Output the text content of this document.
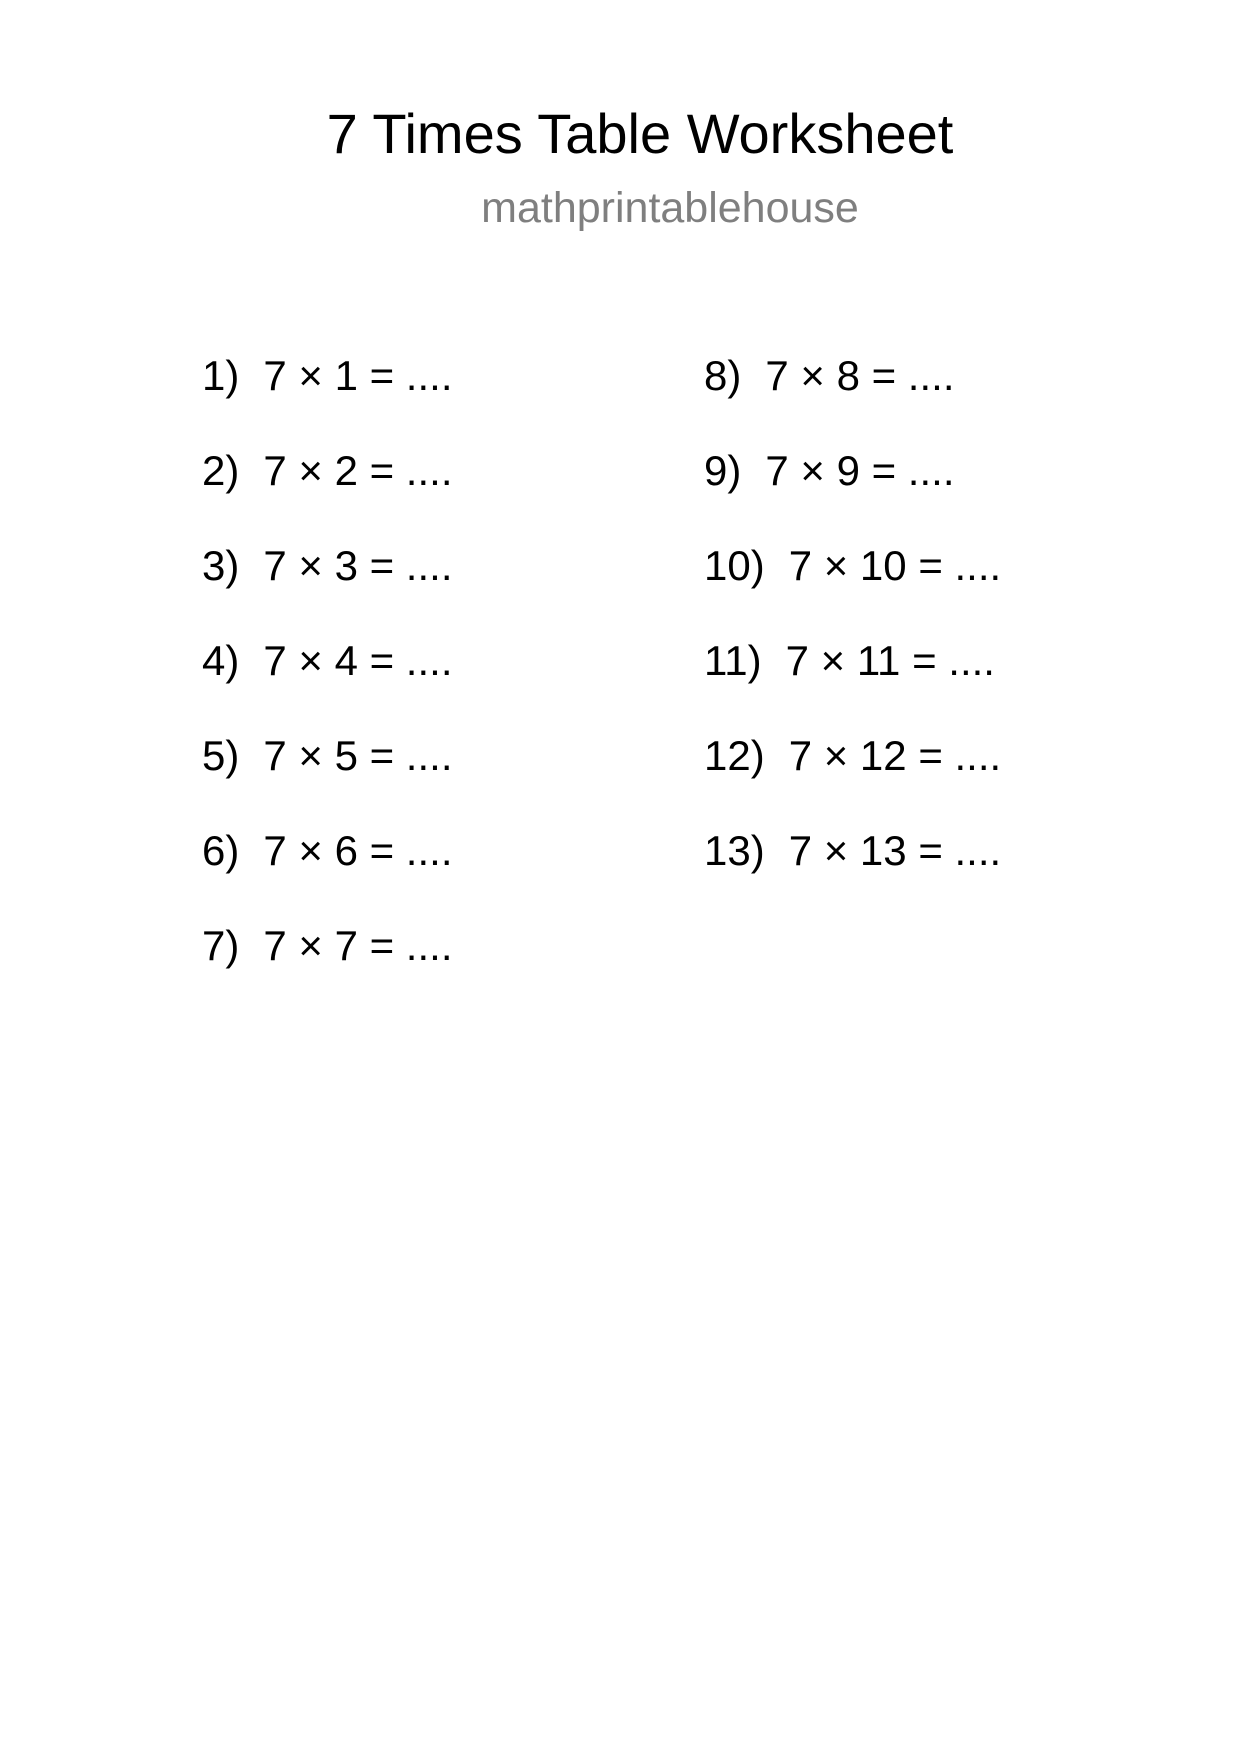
7 Times Table Worksheet
mathprintablehouse
1) 7 × 1 = ....
2) 7 × 2 = ....
3) 7 × 3 = ....
4) 7 × 4 = ....
5) 7 × 5 = ....
6) 7 × 6 = ....
7) 7 × 7 = ....
8) 7 × 8 = ....
9) 7 × 9 = ....
10) 7 × 10 = ....
11) 7 × 11 = ....
12) 7 × 12 = ....
13) 7 × 13 = ....
